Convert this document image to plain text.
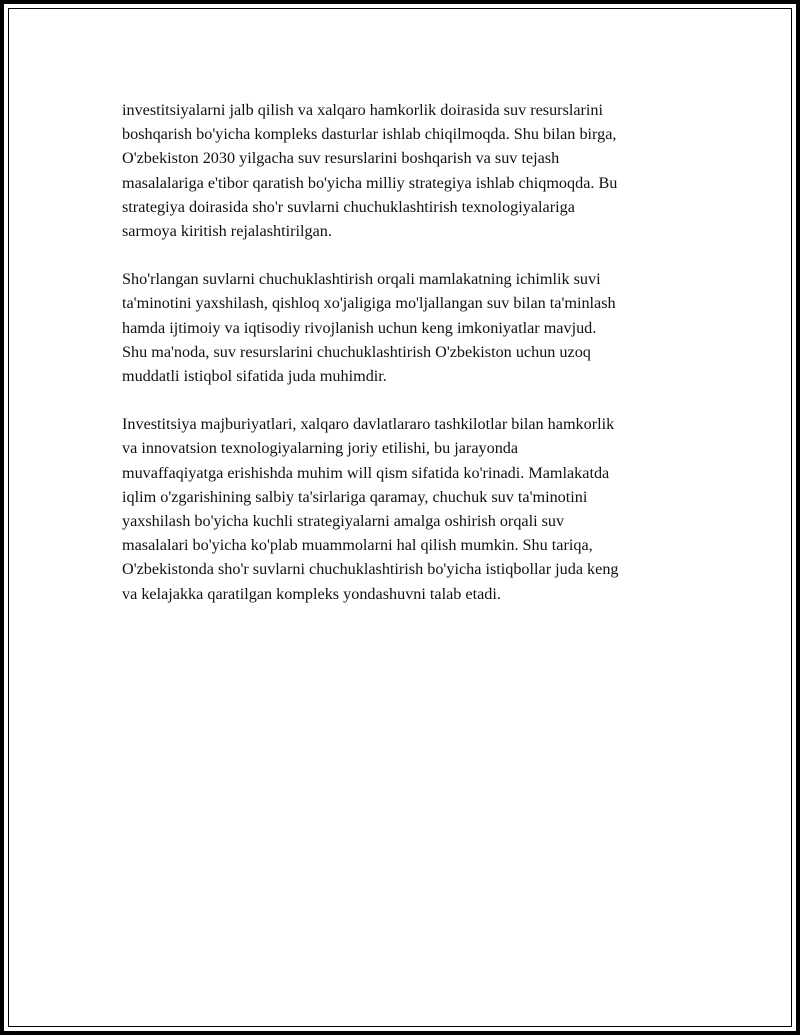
investitsiyalarni jalb qilish va xalqaro hamkorlik doirasida suv resurslarini
boshqarish bo'yicha kompleks dasturlar ishlab chiqilmoqda. Shu bilan birga,
O'zbekiston 2030 yilgacha suv resurslarini boshqarish va suv tejash
masalalariga e'tibor qaratish bo'yicha milliy strategiya ishlab chiqmoqda. Bu
strategiya doirasida sho'r suvlarni chuchuklashtirish texnologiyalariga
sarmoya kiritish rejalashtirilgan.

Sho'rlangan suvlarni chuchuklashtirish orqali mamlakatning ichimlik suvi
ta'minotini yaxshilash, qishloq xo'jaligiga mo'ljallangan suv bilan ta'minlash
hamda ijtimoiy va iqtisodiy rivojlanish uchun keng imkoniyatlar mavjud.
Shu ma'noda, suv resurslarini chuchuklashtirish O'zbekiston uchun uzoq
muddatli istiqbol sifatida juda muhimdir.

Investitsiya majburiyatlari, xalqaro davlatlararo tashkilotlar bilan hamkorlik
va innovatsion texnologiyalarning joriy etilishi, bu jarayonda
muvaffaqiyatga erishishda muhim will qism sifatida ko'rinadi. Mamlakatda
iqlim o'zgarishining salbiy ta'sirlariga qaramay, chuchuk suv ta'minotini
yaxshilash bo'yicha kuchli strategiyalarni amalga oshirish orqali suv
masalalari bo'yicha ko'plab muammolarni hal qilish mumkin. Shu tariqa,
O'zbekistonda sho'r suvlarni chuchuklashtirish bo'yicha istiqbollar juda keng
va kelajakka qaratilgan kompleks yondashuvni talab etadi.
